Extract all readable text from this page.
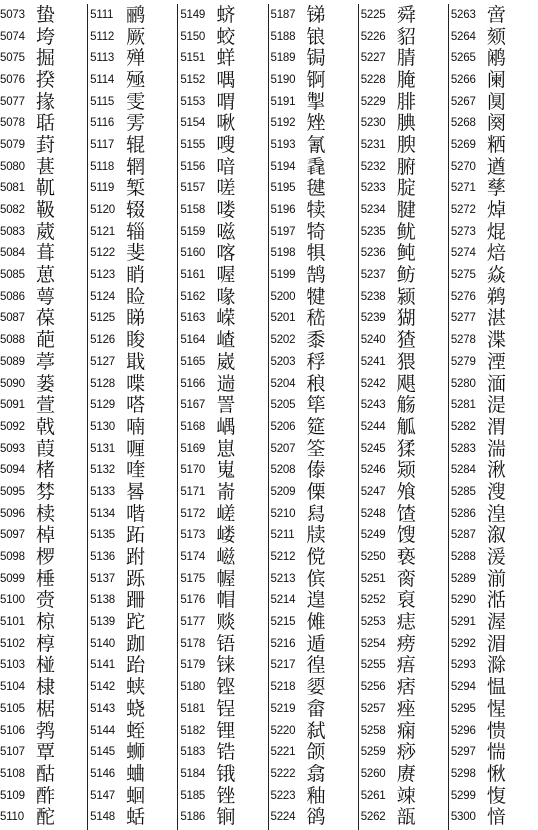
5073 蛰
5074 垮
5075 掘
5076 揆
5077 掾
5078 聒
5079 葑
5080 葚
5081 靰
5082 靸
5083 葳
5084 葺
5085 葸
5086 萼
5087 葆
5088 葩
5089 葶
5090 蒌
5091 萱
5092 戟
5093 葭
5094 楮
5095 棼
5096 椟
5097 棹
5098 椤
5099 棰
5100 赍
5101 椋
5102 椁
5103 椪
5104 棣
5105 椐
5106 鹁
5107 覃
5108 酤
5109 酢
5110 酡
5111 鹂
5112 厥
5113 殚
5114 殛
5115 雯
5116 雱
5117 辊
5118 辋
5119 椠
5120 辍
5121 辎
5122 斐
5123 睄
5124 睑
5125 睇
5126 睃
5127 戢
5128 喋
5129 嗒
5130 喃
5131 喱
5132 喹
5133 晷
5134 喈
5135 跖
5136 跗
5137 跞
5138 跚
5139 跎
5140 跏
5141 跆
5142 蛱
5143 蛲
5144 蛭
5145 蛳
5146 蛐
5147 蛔
5148 蛞
5149 蛴
5150 蛟
5151 蛘
5152 喁
5153 喟
5154 啾
5155 嗖
5156 喑
5157 嗟
5158 喽
5159 嗞
5160 喀
5161 喔
5162 喙
5163 嵘
5164 嵖
5165 崴
5166 遄
5167 詈
5168 嵎
5169 崽
5170 嵬
5171 嵛
5172 嵯
5173 嵝
5174 嵫
5175 幄
5176 帽
5177 赕
5178 铻
5179 铼
5180 铿
5181 锃
5182 锂
5183 锆
5184 锇
5185 锉
5186 锏
5187 锑
5188 锒
5189 锔
5190 锕
5191 掣
5192 矬
5193 氰
5194 毳
5195 毽
5196 犊
5197 犄
5198 犋
5199 鹄
5200 犍
5201 嵇
5202 黍
5203 稃
5204 稂
5205 筚
5206 筵
5207 筌
5208 傣
5209 傈
5210 舄
5211 牍
5212 傥
5213 傧
5214 遑
5215 傩
5216 遁
5217 徨
5218 媭
5219 畲
5220 弑
5221 颌
5222 翕
5223 釉
5224 鹆
5225 舜
5226 貂
5227 腈
5228 腌
5229 腓
5230 腆
5231 腴
5232 腑
5233 腚
5234 腱
5235 鱿
5236 鲀
5237 鲂
5238 颍
5239 猢
5240 猹
5241 猥
5242 飓
5243 觞
5244 觚
5245 猱
5246 颎
5247 飧
5248 馇
5249 馊
5250 亵
5251 脔
5252 裒
5253 痣
5254 痨
5255 痦
5256 痞
5257 痤
5258 痫
5259 痧
5260 赓
5261 竦
5262 瓿
5263 啻
5264 颏
5265 鹇
5266 阑
5267 阒
5268 阕
5269 粞
5270 遒
5271 孳
5272 焯
5273 焜
5274 焙
5275 焱
5276 鹈
5277 湛
5278 渫
5279 湮
5280 湎
5281 湜
5282 渭
5283 湍
5284 湫
5285 溲
5286 湟
5287 溆
5288 湲
5289 湔
5290 湉
5291 渥
5292 湄
5293 滁
5294 愠
5295 惺
5296 愦
5297 惴
5298 愀
5299 愎
5300 愔
